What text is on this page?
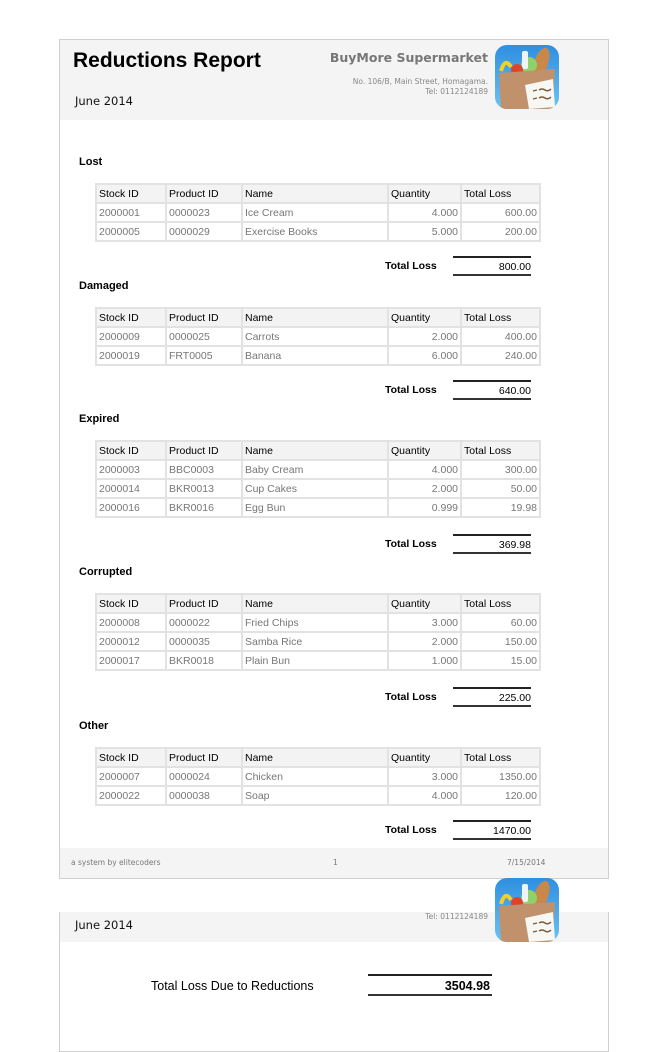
Reductions Report
June 2014
BuyMore Supermarket
No. 106/B, Main Street, Homagama.
Tel: 0112124189
Lost
Stock ID	Product ID	Name	Quantity	Total Loss
2000001	0000023	Ice Cream	4.000	600.00
2000005	0000029	Exercise Books	5.000	200.00
Total Loss	800.00
Damaged
Stock ID	Product ID	Name	Quantity	Total Loss
2000009	0000025	Carrots	2.000	400.00
2000019	FRT0005	Banana	6.000	240.00
Total Loss	640.00
Expired
Stock ID	Product ID	Name	Quantity	Total Loss
2000003	BBC0003	Baby Cream	4.000	300.00
2000014	BKR0013	Cup Cakes	2.000	50.00
2000016	BKR0016	Egg Bun	0.999	19.98
Total Loss	369.98
Corrupted
Stock ID	Product ID	Name	Quantity	Total Loss
2000008	0000022	Fried Chips	3.000	60.00
2000012	0000035	Samba Rice	2.000	150.00
2000017	BKR0018	Plain Bun	1.000	15.00
Total Loss	225.00
Other
Stock ID	Product ID	Name	Quantity	Total Loss
2000007	0000024	Chicken	3.000	1350.00
2000022	0000038	Soap	4.000	120.00
Total Loss	1470.00
a system by elitecoders	1	7/15/2014
June 2014
Tel: 0112124189
Total Loss Due to Reductions	3504.98
